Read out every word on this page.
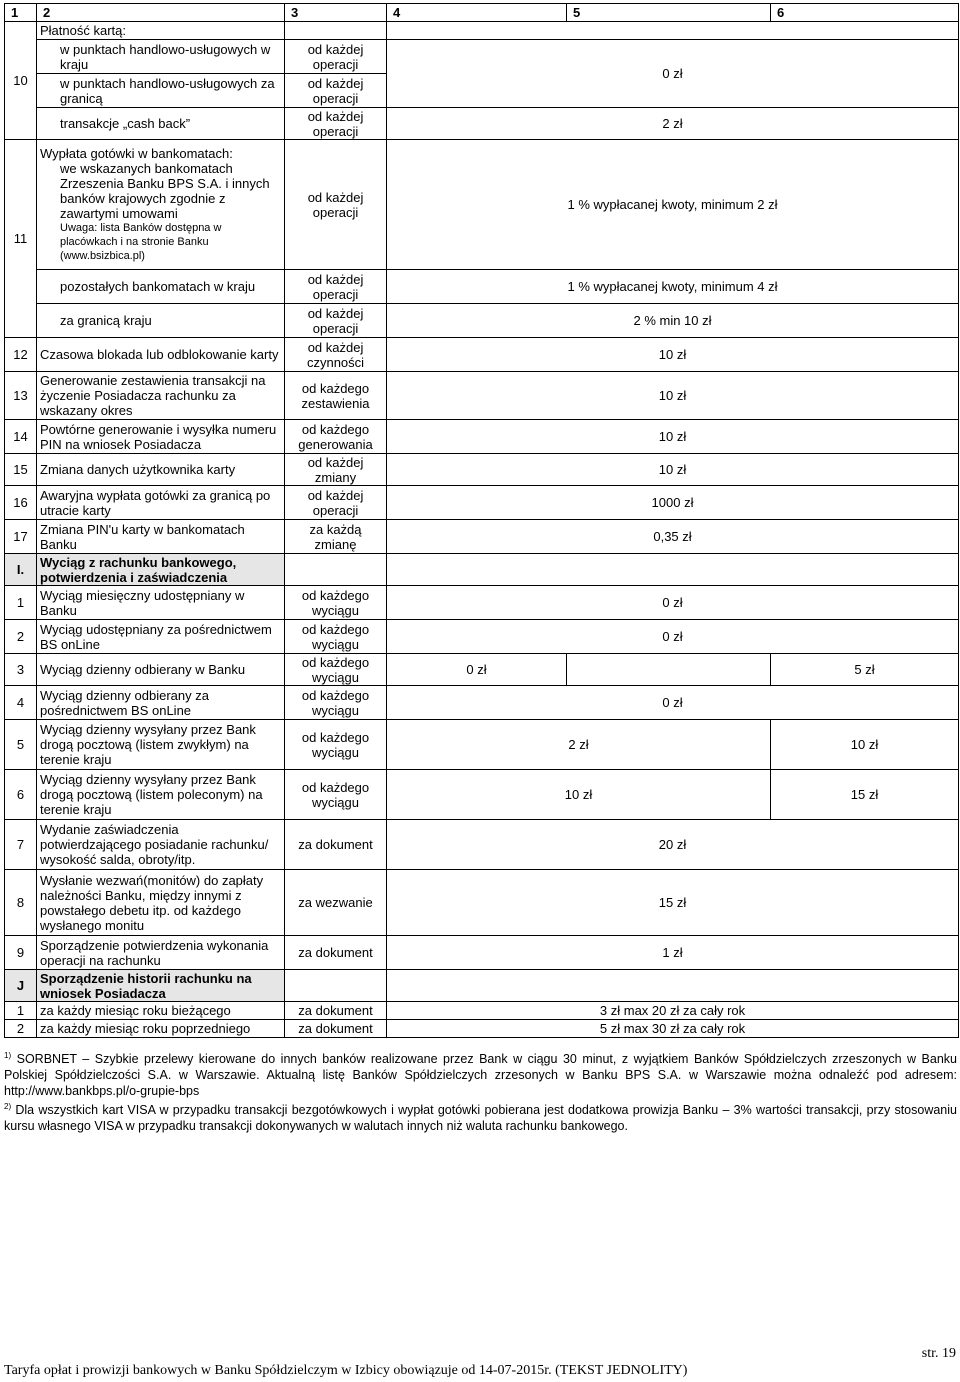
1	2	3	4	5	6
10	Płatność kartą:				

	w punktach handlowo-usługowych w kraju	od każdej operacji	0 zł		

	w punktach handlowo-usługowych za granicą	od każdej operacji			

	transakcje „cash back”	od każdej operacji	2 zł		
11	Wypłata gotówki w bankomatach:
we wskazanych bankomatach Zrzeszenia Banku BPS S.A. i innych banków krajowych zgodnie z zawartymi umowami
Uwaga: lista Banków dostępna w placówkach i na stronie Banku (www.bsizbica.pl)	od każdej operacji	1 % wypłacanej kwoty, minimum 2 zł		

	pozostałych bankomatach w kraju	od każdej operacji	1 % wypłacanej kwoty, minimum 4 zł		

	za granicą kraju	od każdej operacji	2 % min 10 zł		
12	Czasowa blokada lub odblokowanie karty	od każdej czynności	10 zł		
13	Generowanie zestawienia transakcji na życzenie Posiadacza rachunku za wskazany okres	od każdego zestawienia	10 zł		
14	Powtórne generowanie i wysyłka numeru PIN na wniosek Posiadacza	od każdego generowania	10 zł		
15	Zmiana danych użytkownika karty	od każdej zmiany	10 zł		
16	Awaryjna wypłata gotówki za granicą po utracie karty	od każdej operacji	1000 zł		
17	Zmiana PIN'u karty w bankomatach Banku	za każdą zmianę	0,35 zł		
I.	Wyciąg z rachunku bankowego, potwierdzenia i zaświadczenia				
1	Wyciąg miesięczny udostępniany w Banku	od każdego wyciągu	0 zł		
2	Wyciąg udostępniany za pośrednictwem BS onLine	od każdego wyciągu	0 zł		
3	Wyciąg dzienny odbierany w Banku	od każdego wyciągu	0 zł		5 zł
4	Wyciąg dzienny odbierany za pośrednictwem BS onLine	od każdego wyciągu	0 zł		
5	Wyciąg dzienny wysyłany przez Bank drogą pocztową (listem zwykłym) na terenie kraju	od każdego wyciągu	2 zł		10 zł
6	Wyciąg dzienny wysyłany przez Bank drogą pocztową (listem poleconym) na terenie kraju	od każdego wyciągu	10 zł		15 zł
7	Wydanie zaświadczenia potwierdzającego posiadanie rachunku/ wysokość salda, obroty/itp.	za dokument	20 zł		
8	Wysłanie wezwań(monitów) do zapłaty należności Banku, między innymi z powstałego debetu itp. od każdego wysłanego monitu	za wezwanie	15 zł		
9	Sporządzenie potwierdzenia wykonania operacji na rachunku	za dokument	1 zł		
J	Sporządzenie historii rachunku na wniosek Posiadacza				
1	za każdy miesiąc roku bieżącego	za dokument	3 zł max 20 zł za cały rok		
2	za każdy miesiąc roku poprzedniego	za dokument	5 zł max 30 zł za cały rok		

$^{1)}$ SORBNET – Szybkie przelewy kierowane do innych banków realizowane przez Bank w ciągu 30 minut, z wyjątkiem Banków Spółdzielczych zrzeszonych w Banku Polskiej Spółdzielczości S.A. w Warszawie. Aktualną listę Banków Spółdzielczych zrzesonych w Banku BPS S.A. w Warszawie można odnaleźć pod adresem: http://www.bankbps.pl/o-grupie-bps

$^{2)}$ Dla wszystkich kart VISA w przypadku transakcji bezgotówkowych i wypłat gotówki pobierana jest dodatkowa prowizja Banku – 3% wartości transakcji, przy stosowaniu kursu własnego VISA w przypadku transakcji dokonywanych w walutach innych niż waluta rachunku bankowego.

Taryfa opłat i prowizji bankowych w Banku Spółdzielczym w Izbicy obowiązuje od 14-07-2015r. (TEKST JEDNOLITY)
str. 19
